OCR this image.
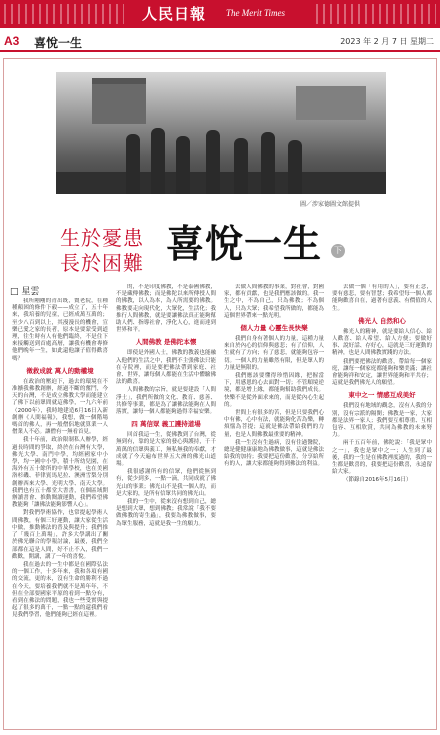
人民日報 The Merit Times
A3 喜悅一生	2023 年 2 月 7 日 星期二
圖／涉家德圖文館提供
生於憂患
長於困難 喜悅一生	下
□ 星雲

我所剛剛的青出既，竇老院，在種種顛困的條件下毅——成立了，五十年來，我培養的兒童，已經成萬互萬的；至少八百到以上，其漫漫長的機會，宣樂已愛之家的長者，原本是要蒙受到道理，往生時有人有他們臨終，不是住下來接觸送到首處高層，讓我有機會專修他們晚年一生，如此還他讓子值得歡喜嗎？

徵救成就 萬人的動權境

在政治的壓迫下，過去的環境在不准擴我佛教創辦，經過不斷的奮鬥，今天的台灣，不是成立佛教大學而能建立了佛下以前眾間就這佛學，一九六年前（2000年），我時地建造6月16日入新創辦《人間福報》，我想，做一個階場嗎首的佛人，再一般僧侶地就算業一人僧業人不必。讓僧有一無看首見。

我十年前，政治限制私人辦學，經過長時間的爭取，終於在台灣有大學，佛光大學、南門中學，均經國家中小學，均一國中小學，積十所幼兒園，在海外有五十餘所的中華學校，也在美國洛杉磯、菲律賓馬尼拉、澳洲雪梨分別創辦西來大學、光明大學、南天大學。我們也有五十都堂大書書，在個區域開辦讀書會、推動閱讀運動，我們希望佛教能夠「讓佛法能夠影響人心」。

對我們學術協作，也常提起學術人間佛教，有個三好運動，讓大家從生活中做，推動佛法的普及與提升；我們推了「幾百上萬場」，許多大學講出了關於佛光聯合的學報討論，最後，我們全部都在這是人間，好不止不入，我們一歡歡，開講，講了一年的喜悅。

我在過去的一生中都是在國際弘法的一個工作，十多年來，我和各項有國的交流，更的未，沒有生命的勝利不過在今天，要培養我們就不是萬年年，不但在全部要國家平原的看到一點分有，看到在佛法的問題，我也一些受實與提起了很多的萬千，一點一點的還我們看見我們學習，他們能夠已經在這裡。

的，不是印度佛教，不是泰國佛教，不是藏傳佛教；而是佛陀以來所傳授人間的佛教，以人為本，為人所需要的佛教。佛教要走向現代化，大眾化，生活化；我推行人間佛教，就是要讓佛法真正能夠幫助人們、指導社會，淨化人心，進而達到世界和平。

人間佛教 是佛陀本懷

即使是外國人士，佛教的教義也能融入他們的生活之中，我們不主張佛法只能在寺院裡，而是要把佛法帶到家庭、社會、世界，讓每個人都能在生活中體驗佛法的歡喜。

人間佛教的宗旨，就是要建設「人間淨土」，我們所做的文化、教育、慈善、共修等事業，都是為了讓佛法能夠在人間落實，讓每一個人都能夠過得幸福安樂。

四 萬信眾 義工護持道場

回首我這一生，從佛教到了台灣，從無到有，靠的是大家的發心與護持，千千萬萬的信眾與義工，無私無我的奉獻，才成就了今天遍布世界五大洲的佛光山道場。

我很感謝所有的信眾，他們從無到有，從少到多，一點一滴，共同成就了佛光山的事業；佛光山不是我一個人的，而是大家的，是所有信眾共同的佛光山。

我的一生中，從來沒有想到自己，總是想到大眾，想到佛教；我常說「我不要做佛教的寄生蟲」，我要為佛教做事，要為眾生服務，這就是我一生的願力。

去做人間佛教的事業，對社會，對國家，都有貢獻，也是我們應該做的。我一生之中，不為自己，只為佛教；不為個人，只為大眾；我希望我所做的，都能為這個世界帶來一點光明。

個人力量 心靈生長快樂

我們自身有著個人的力量，這種力量來自於內心的信仰與慈悲；有了信仰，人生就有了方向；有了慈悲，就能夠包容一切。一個人的力量雖然有限，但是眾人的力量是無限的。

我們應該要懂得珍惜因緣，把握當下，用感恩的心去面對一切；不管順境逆境，都是增上緣，都能夠幫助我們成長。快樂不是從外面求來的，而是從內心生起的。

世間上有很多的苦，但是只要我們心中有佛，心中有法，就能夠化苦為樂，轉煩惱為菩提；這就是佛法帶給我們的力量，也是人間佛教最重要的精神。

我一生沒有生過病，沒有住過醫院，總是健健康康地為佛教做事，這就是佛法給我的加持；我要把這份歡喜，分享給所有的人，讓大家都能夠得到佛法的利益。

去做一個「有用的人」，要有正念，要有慈悲，要有智慧；我希望每一個人都能夠歡喜自在，過著有意義、有價值的人生。

佛光人 自然和心

佛光人的精神，就是要給人信心、給人歡喜、給人希望、給人方便；要做好事、說好話、存好心，這就是三好運動的精神，也是人間佛教實踐的方法。

我們要把佛法的歡喜，帶給每一個家庭，讓每一個家庭都能夠和樂美滿；讓社會能夠祥和安定，讓世界能夠和平共存；這就是我們佛光人的願望。

東中之一 情感互成美好

我們沒有地域的觀念，沒有人我的分別，沒有宗派的隔閡；佛教是一家，大家都是法界一家人；我們要互相尊重、互相包容、互相欣賞，共同為佛教的未來努力。

兩千五百年前，佛陀說：「我是眾中之一」，我也是眾中之一；人生到了最後，我的一生是在佛教裡度過的，我的一生都是歡喜的，我要把這份歡喜，永遠留給大家。

（節錄自2016年5月16日）
